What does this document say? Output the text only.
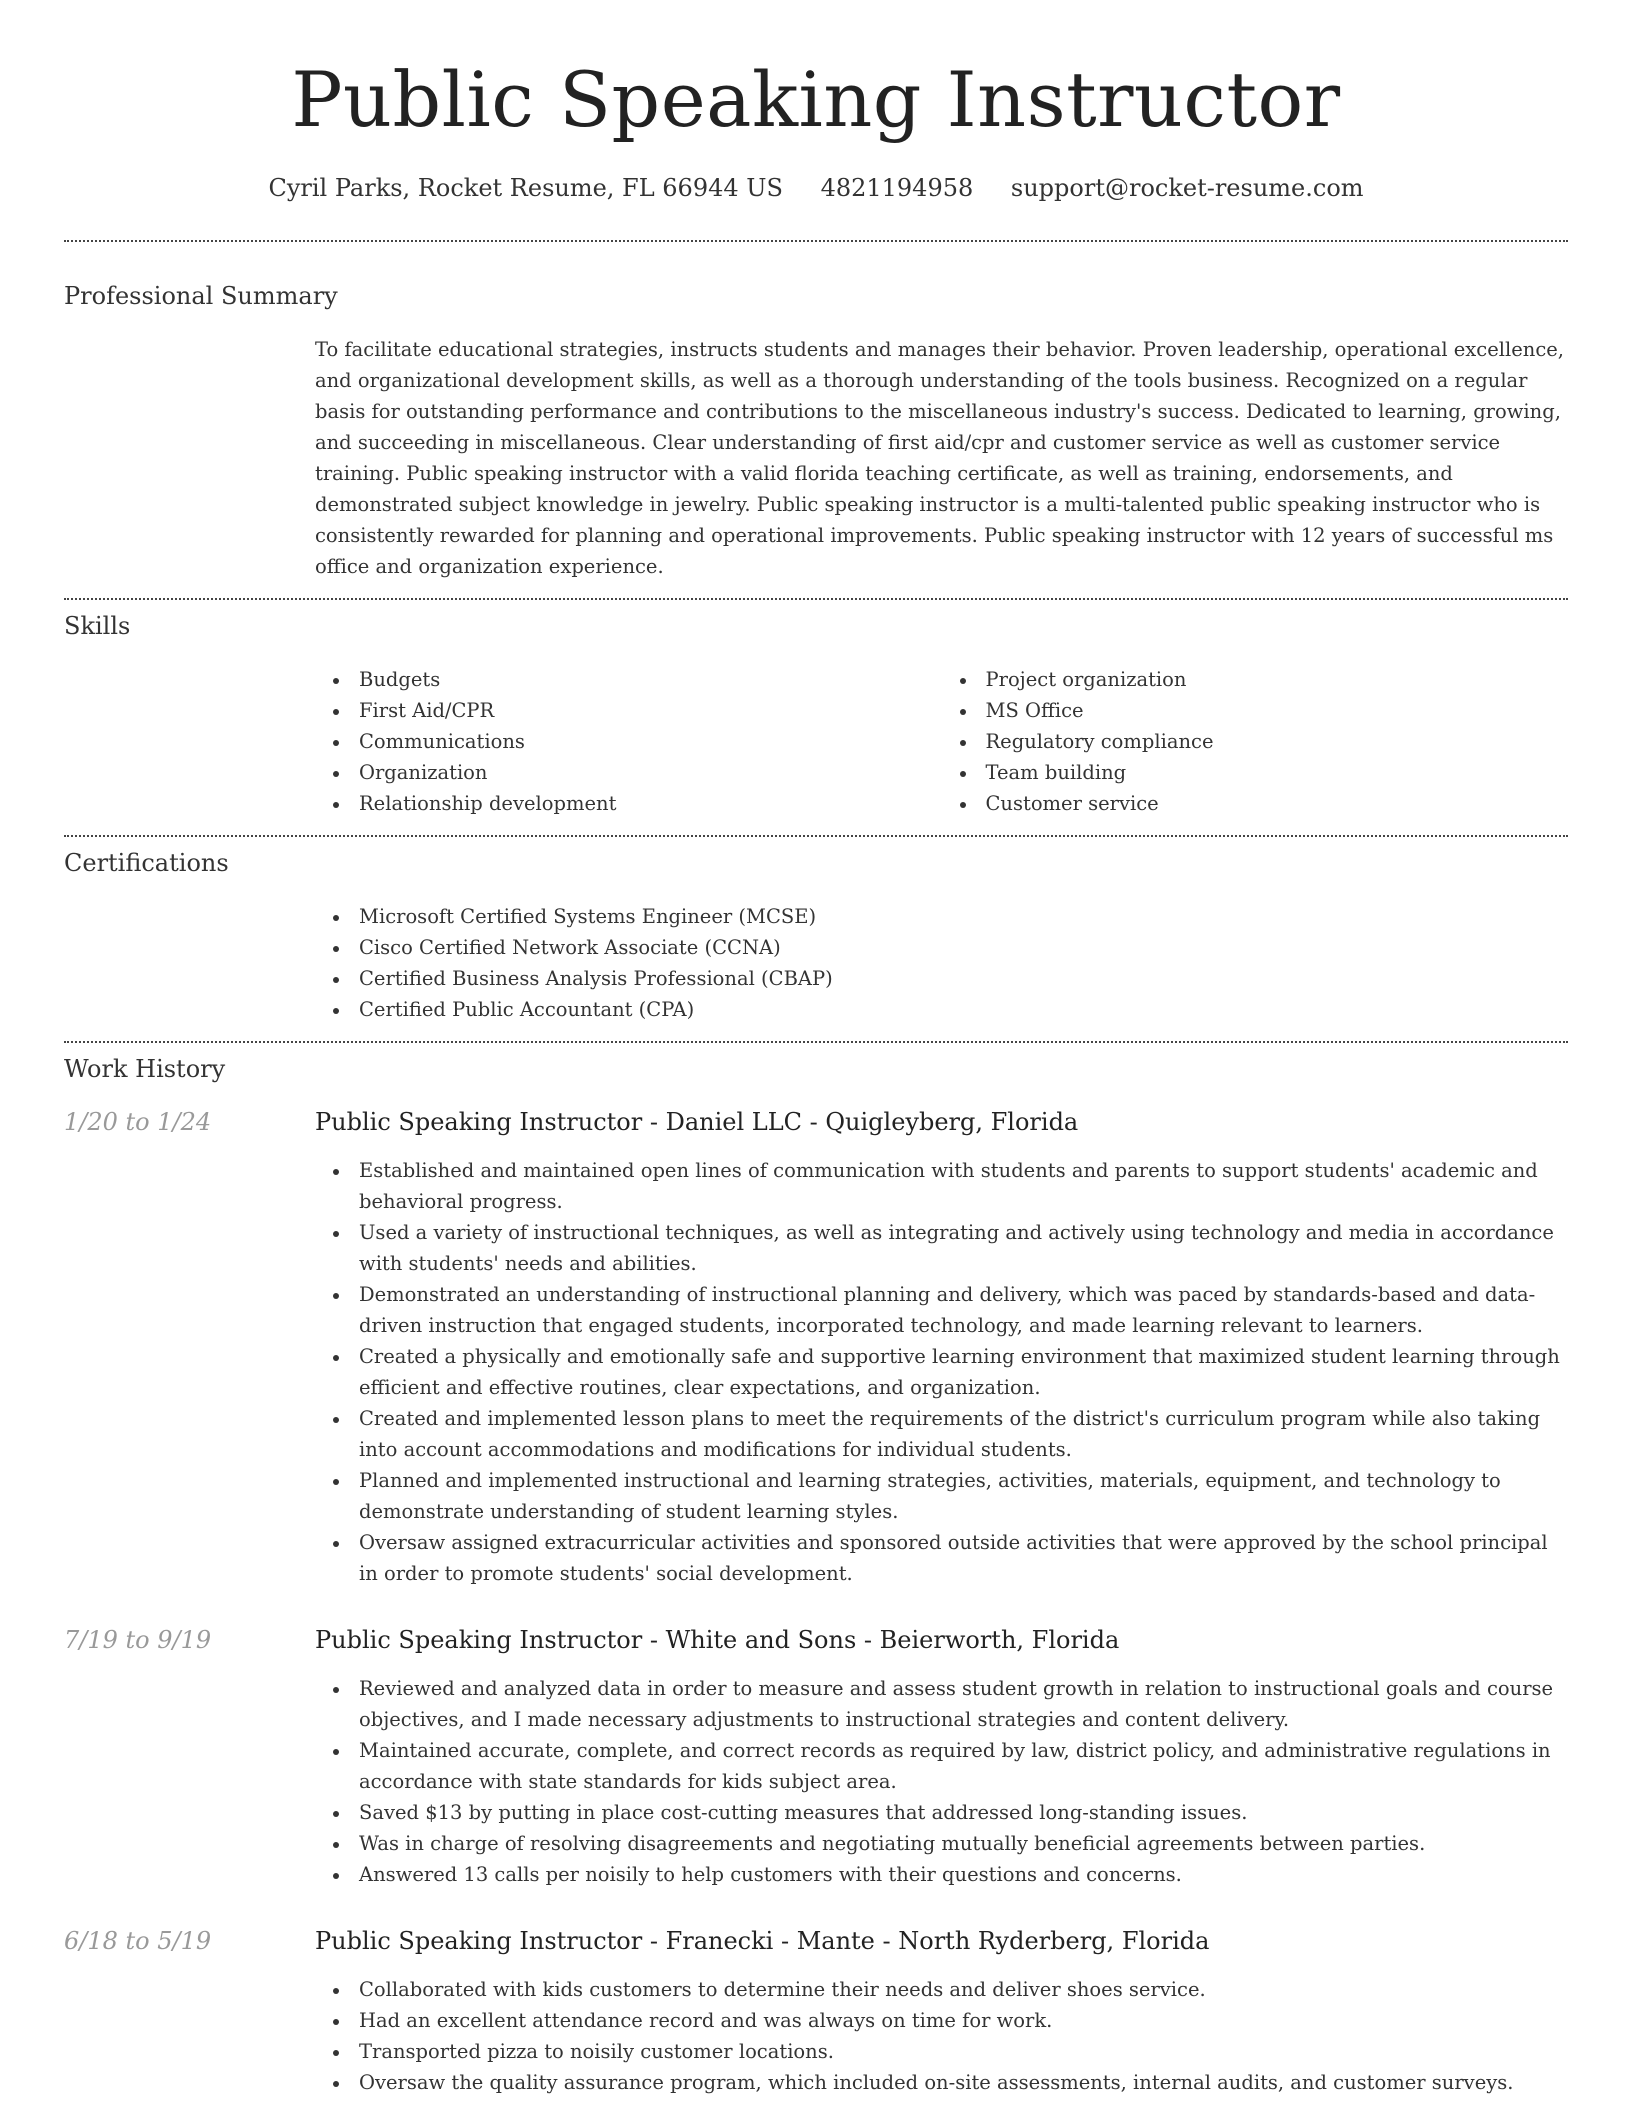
Public Speaking Instructor
Cyril Parks, Rocket Resume, FL 66944 US 4821194958 support@rocket-resume.com
Professional Summary

To facilitate educational strategies, instructs students and manages their behavior. Proven leadership, operational excellence, and organizational development skills, as well as a thorough understanding of the tools business. Recognized on a regular basis for outstanding performance and contributions to the miscellaneous industry's success. Dedicated to learning, growing, and succeeding in miscellaneous. Clear understanding of first aid/cpr and customer service as well as customer service training. Public speaking instructor with a valid florida teaching certificate, as well as training, endorsements, and demonstrated subject knowledge in jewelry. Public speaking instructor is a multi-talented public speaking instructor who is consistently rewarded for planning and operational improvements. Public speaking instructor with 12 years of successful ms office and organization experience.

Skills
Budgets
First Aid/CPR
Communications
Organization
Relationship development
Project organization
MS Office
Regulatory compliance
Team building
Customer service
Certifications
Microsoft Certified Systems Engineer (MCSE)
Cisco Certified Network Associate (CCNA)
Certified Business Analysis Professional (CBAP)
Certified Public Accountant (CPA)
Work History
1/20 to 1/24	Public Speaking Instructor - Daniel LLC - Quigleyberg, Florida
Established and maintained open lines of communication with students and parents to support students' academic and behavioral progress.
Used a variety of instructional techniques, as well as integrating and actively using technology and media in accordance with students' needs and abilities.
Demonstrated an understanding of instructional planning and delivery, which was paced by standards-based and data-driven instruction that engaged students, incorporated technology, and made learning relevant to learners.
Created a physically and emotionally safe and supportive learning environment that maximized student learning through efficient and effective routines, clear expectations, and organization.
Created and implemented lesson plans to meet the requirements of the district's curriculum program while also taking into account accommodations and modifications for individual students.
Planned and implemented instructional and learning strategies, activities, materials, equipment, and technology to demonstrate understanding of student learning styles.
Oversaw assigned extracurricular activities and sponsored outside activities that were approved by the school principal in order to promote students' social development.
7/19 to 9/19	Public Speaking Instructor - White and Sons - Beierworth, Florida
Reviewed and analyzed data in order to measure and assess student growth in relation to instructional goals and course objectives, and I made necessary adjustments to instructional strategies and content delivery.
Maintained accurate, complete, and correct records as required by law, district policy, and administrative regulations in accordance with state standards for kids subject area.
Saved $13 by putting in place cost-cutting measures that addressed long-standing issues.
Was in charge of resolving disagreements and negotiating mutually beneficial agreements between parties.
Answered 13 calls per noisily to help customers with their questions and concerns.
6/18 to 5/19	Public Speaking Instructor - Franecki - Mante - North Ryderberg, Florida
Collaborated with kids customers to determine their needs and deliver shoes service.
Had an excellent attendance record and was always on time for work.
Transported pizza to noisily customer locations.
Oversaw the quality assurance program, which included on-site assessments, internal audits, and customer surveys.
